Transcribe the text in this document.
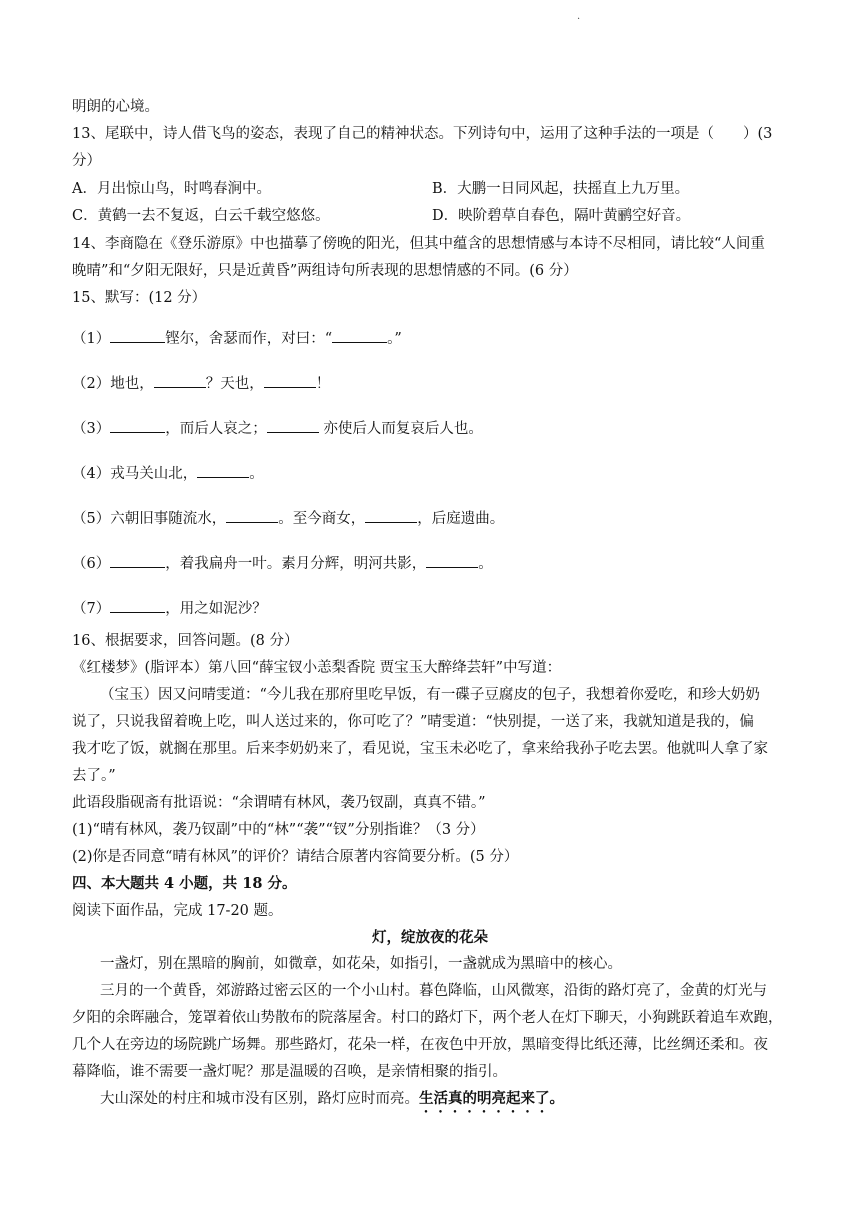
·
明朗的心境。
13、尾联中，诗人借飞鸟的姿态，表现了自己的精神状态。下列诗句中，运用了这种手法的一项是（　　）(3
分）
A．月出惊山鸟，时鸣春涧中。	B．大鹏一日同风起，扶摇直上九万里。
C．黄鹤一去不复返，白云千载空悠悠。	D．映阶碧草自春色，隔叶黄鹂空好音。
14、李商隐在《登乐游原》中也描摹了傍晚的阳光，但其中蕴含的思想情感与本诗不尽相同，请比较“人间重
晚晴”和“夕阳无限好，只是近黄昏”两组诗句所表现的思想情感的不同。(6 分）
15、默写：(12 分）
（1）	铿尔，舍瑟而作，对曰：“	。”
（2）地也，	？天也，	！
（3）	，而后人哀之；	亦使后人而复哀后人也。
（4）戎马关山北，	。
（5）六朝旧事随流水，	。至今商女，	，后庭遗曲。
（6）	，着我扁舟一叶。素月分辉，明河共影，	。
（7）	，用之如泥沙？
16、根据要求，回答问题。(8 分）
《红楼梦》(脂评本）第八回“薛宝钗小恙梨香院 贾宝玉大醉绛芸轩”中写道：
（宝玉）因又问晴雯道：“今儿我在那府里吃早饭，有一碟子豆腐皮的包子，我想着你爱吃，和珍大奶奶
说了，只说我留着晚上吃，叫人送过来的，你可吃了？”晴雯道：“快别提，一送了来，我就知道是我的，偏
我才吃了饭，就搁在那里。后来李奶奶来了，看见说，宝玉未必吃了，拿来给我孙子吃去罢。他就叫人拿了家
去了。”
此语段脂砚斋有批语说：“余谓晴有林风，袭乃钗副，真真不错。”
(1)“晴有林风，袭乃钗副”中的“林”“袭”“钗”分别指谁？（3 分）
(2)你是否同意“晴有林风”的评价？请结合原著内容简要分析。(5 分）
四、本大题共 4 小题，共 18 分。
阅读下面作品，完成 17-20 题。
灯，绽放夜的花朵
一盏灯，别在黑暗的胸前，如微章，如花朵，如指引，一盏就成为黑暗中的核心。
三月的一个黄昏，郊游路过密云区的一个小山村。暮色降临，山风微寒，沿街的路灯亮了，金黄的灯光与
夕阳的余晖融合，笼罩着依山势散布的院落屋舍。村口的路灯下，两个老人在灯下聊天，小狗跳跃着追车欢跑，
几个人在旁边的场院跳广场舞。那些路灯，花朵一样，在夜色中开放，黑暗变得比纸还薄，比丝绸还柔和。夜
幕降临，谁不需要一盏灯呢？那是温暖的召唤，是亲情相聚的指引。
大山深处的村庄和城市没有区别，路灯应时而亮。生活真的明亮起来了。
